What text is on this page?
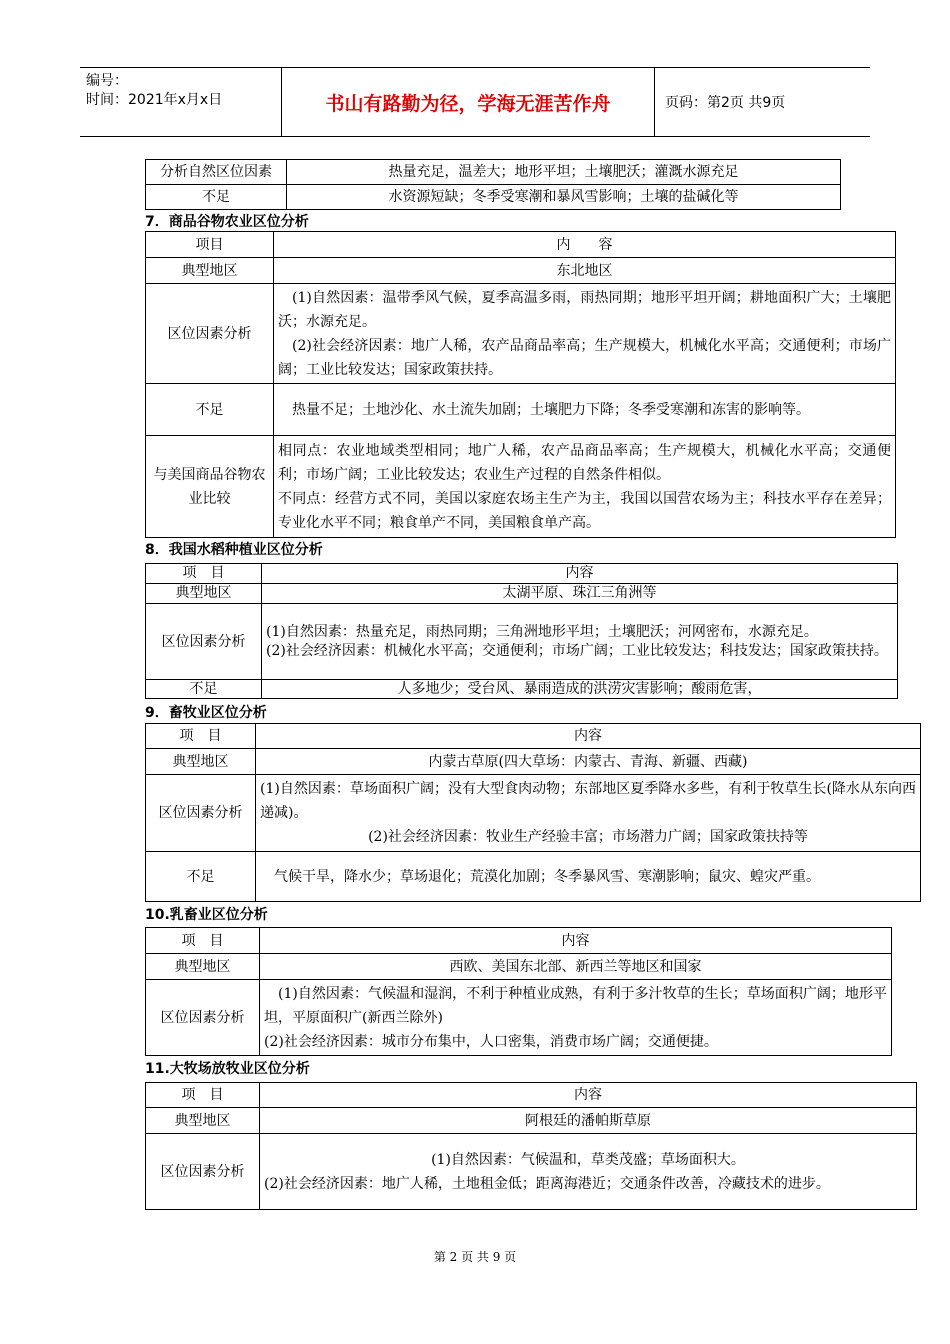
编号：
时间：2021年x月x日	书山有路勤为径，学海无涯苦作舟	页码：第2页 共9页
分析自然区位因素	热量充足，温差大；地形平坦；土壤肥沃；灌溉水源充足
不足	水资源短缺；冬季受寒潮和暴风雪影响；土壤的盐碱化等
7．商品谷物农业区位分析
项目	内　　容
典型地区	东北地区
区位因素分析	(1)自然因素：温带季风气候，夏季高温多雨，雨热同期；地形平坦开阔；耕地面积广大；土壤肥沃；水源充足。

(2)社会经济因素：地广人稀，农产品商品率高；生产规模大，机械化水平高；交通便利；市场广阔；工业比较发达；国家政策扶持。

不足	热量不足；土地沙化、水土流失加剧；土壤肥力下降；冬季受寒潮和冻害的影响等。
与美国商品谷物农业比较	相同点：农业地域类型相同；地广人稀，农产品商品率高；生产规模大，机械化水平高；交通便利；市场广阔；工业比较发达；农业生产过程的自然条件相似。

不同点：经营方式不同，美国以家庭农场主生产为主，我国以国营农场为主；科技水平存在差异；专业化水平不同；粮食单产不同，美国粮食单产高。

8．我国水稻种植业区位分析
项　目	内容
典型地区	太湖平原、珠江三角洲等
区位因素分析	(1)自然因素：热量充足，雨热同期；三角洲地形平坦；土壤肥沃；河网密布，水源充足。

(2)社会经济因素：机械化水平高；交通便利；市场广阔；工业比较发达；科技发达；国家政策扶持。

不足	人多地少；受台风、暴雨造成的洪涝灾害影响；酸雨危害，
9．畜牧业区位分析
项　目	内容
典型地区	内蒙古草原(四大草场：内蒙古、青海、新疆、西藏)
区位因素分析	(1)自然因素：草场面积广阔；没有大型食肉动物；东部地区夏季降水多些，有利于牧草生长(降水从东向西递减)。

(2)社会经济因素：牧业生产经验丰富；市场潜力广阔；国家政策扶持等

不足	气候干旱，降水少；草场退化；荒漠化加剧；冬季暴风雪、寒潮影响；鼠灾、蝗灾严重。
10.乳畜业区位分析
项　目	内容
典型地区	西欧、美国东北部、新西兰等地区和国家
区位因素分析	(1)自然因素：气候温和湿润，不利于种植业成熟，有利于多汁牧草的生长；草场面积广阔；地形平坦，平原面积广(新西兰除外)

(2)社会经济因素：城市分布集中，人口密集，消费市场广阔；交通便捷。

11.大牧场放牧业区位分析
项　目	内容
典型地区	阿根廷的潘帕斯草原
区位因素分析	(1)自然因素：气候温和，草类茂盛；草场面积大。

(2)社会经济因素：地广人稀，土地租金低；距离海港近；交通条件改善，冷藏技术的进步。

第 2 页 共 9 页
